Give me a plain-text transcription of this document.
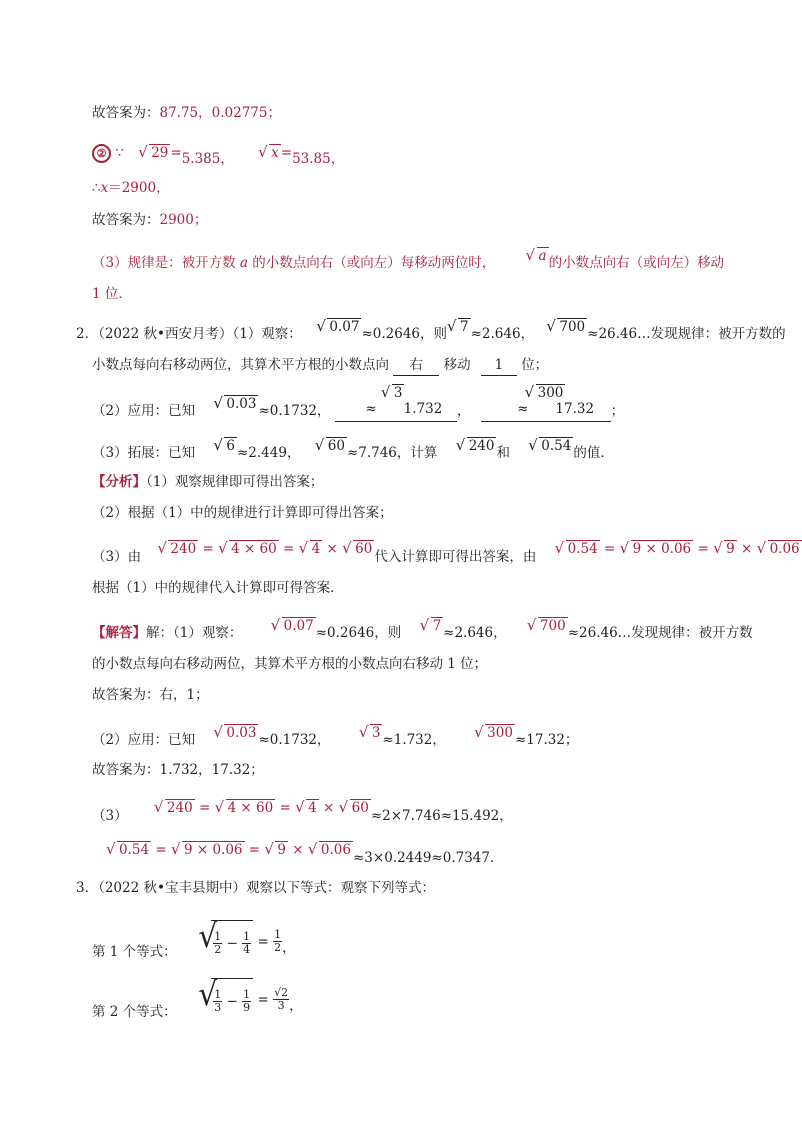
故答案为：87.75，0.02775；
② ∵ √ 29 =5.385，	√ x =53.85，
∴x＝2900，
故答案为：2900；
（3）规律是：被开方数 a 的小数点向右（或向左）每移动两位时，	√ a 的小数点向右（或向左）移动
1 位．
2．（2022 秋•西安月考）（1）观察： √ 0.07 ≈0.2646，则 √ 7 ≈2.646， √ 700 ≈26.46…发现规律：被开方数的
小数点每向右移动两位，其算术平方根的小数点向 右 移动 1 位；
（2）应用：已知 √ 0.03 ≈0.1732，
√ 3
≈　　1.732 ，
√ 300
≈　　17.32 ；
（3）拓展：已知 √ 6 ≈2.449， √ 60 ≈7.746，计算 √ 240 和 √ 0.54 的值．
【分析】（1）观察规律即可得出答案；
（2）根据（1）中的规律进行计算即可得出答案；
（3）由 √ 240 = √ 4 × 60 = √ 4 × √ 60 代入计算即可得出答案，由 √ 0.54 = √ 9 × 0.06 = √ 9 × √ 0.06
根据（1）中的规律代入计算即可得答案．
【解答】解：（1）观察：	√ 0.07 ≈0.2646，则 √ 7 ≈2.646， √ 700 ≈26.46…发现规律：被开方数
的小数点每向右移动两位，其算术平方根的小数点向右移动 1 位；
故答案为：右，1；
（2）应用：已知 √ 0.03 ≈0.1732，	√ 3 ≈1.732，	√ 300 ≈17.32；
故答案为：1.732，17.32；
（3）	√ 240 = √ 4 × 60 = √ 4 × √ 60 ≈2×7.746≈15.492，
√ 0.54 = √ 9 × 0.06 = √ 9 × √ 0.06 ≈3×0.2449≈0.7347．
3．（2022 秋•宝丰县期中）观察以下等式：观察下列等式：
第 1 个等式：	√ $\frac{1}{2} - \frac{1}{4} = \frac{1}{2}$ ，
第 2 个等式：	√ $\frac{1}{3} - \frac{1}{9} = \frac{√2}{3}$ ，
